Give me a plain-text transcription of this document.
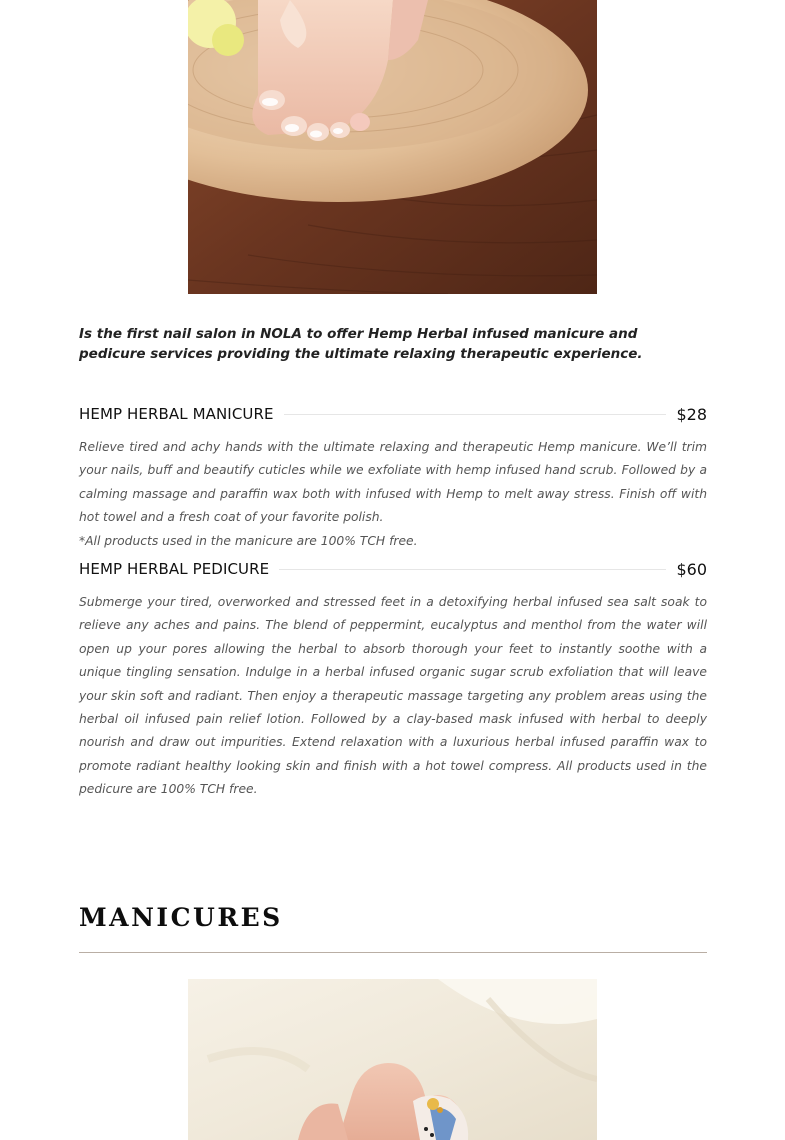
Is the first nail salon in NOLA to offer Hemp Herbal infused manicure and pedicure services providing the ultimate relaxing therapeutic experience.

HEMP HERBAL MANICURE	$28

Relieve tired and achy hands with the ultimate relaxing and therapeutic Hemp manicure. We’ll trim your nails, buff and beautify cuticles while we exfoliate with hemp infused hand scrub. Followed by a calming massage and paraffin wax both with infused with Hemp to melt away stress. Finish off with hot towel and a fresh coat of your favorite polish.

*All products used in the manicure are 100% TCH free.

HEMP HERBAL PEDICURE	$60

Submerge your tired, overworked and stressed feet in a detoxifying herbal infused sea salt soak to relieve any aches and pains. The blend of peppermint, eucalyptus and menthol from the water will open up your pores allowing the herbal to absorb thorough your feet to instantly soothe with a unique tingling sensation. Indulge in a herbal infused organic sugar scrub exfoliation that will leave your skin soft and radiant. Then enjoy a therapeutic massage targeting any problem areas using the herbal oil infused pain relief lotion. Followed by a clay-based mask infused with herbal to deeply nourish and draw out impurities. Extend relaxation with a luxurious herbal infused paraffin wax to promote radiant healthy looking skin and finish with a hot towel compress. All products used in the pedicure are 100% TCH free.

MANICURES
